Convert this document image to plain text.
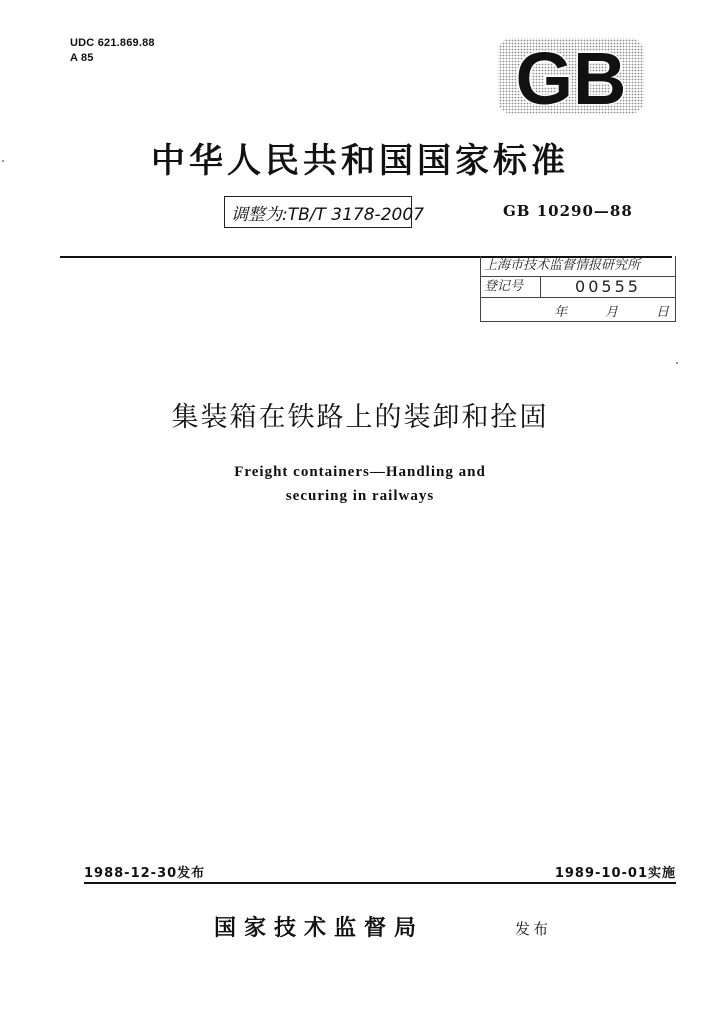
UDC 621.869.88
A 85	GB
中华人民共和国国家标准
调整为:TB/T 3178-2007	GB 10290—88
上海市技术监督情报研究所
登记号	00555
年	月	日
集装箱在铁路上的装卸和拴固
Freight containers—Handling and
securing in railways
1988-12-30发布	1989-10-01实施
国家技术监督局	发布
